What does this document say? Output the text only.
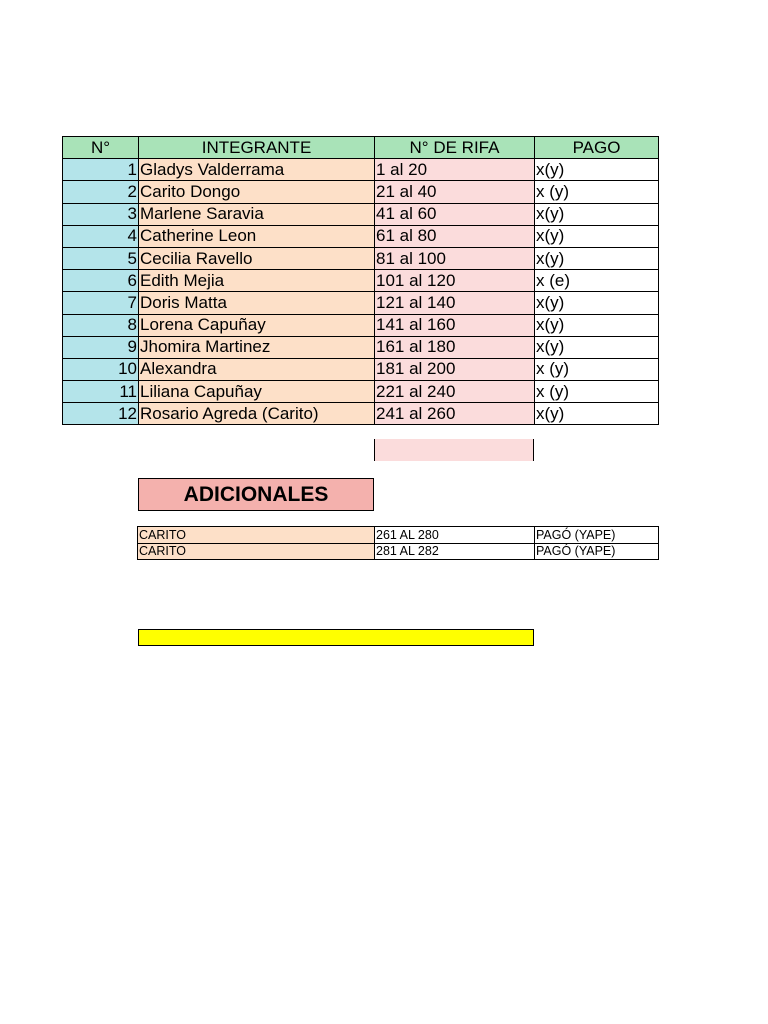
N°	INTEGRANTE	N° DE RIFA	PAGO
1	Gladys Valderrama	1 al 20	x(y)
2	Carito Dongo	21 al 40	x (y)
3	Marlene Saravia	41 al 60	x(y)
4	Catherine Leon	61 al 80	x(y)
5	Cecilia Ravello	81 al 100	x(y)
6	Edith Mejia	101 al 120	x (e)
7	Doris Matta	121 al 140	x(y)
8	Lorena Capuñay	141 al 160	x(y)
9	Jhomira Martinez	161 al 180	x(y)
10	Alexandra	181 al 200	x (y)
11	Liliana Capuñay	221 al 240	x (y)
12	Rosario Agreda (Carito)	241 al 260	x(y)
ADICIONALES
CARITO	261 AL 280	PAGÓ (YAPE)
CARITO	281 AL 282	PAGÓ (YAPE)
